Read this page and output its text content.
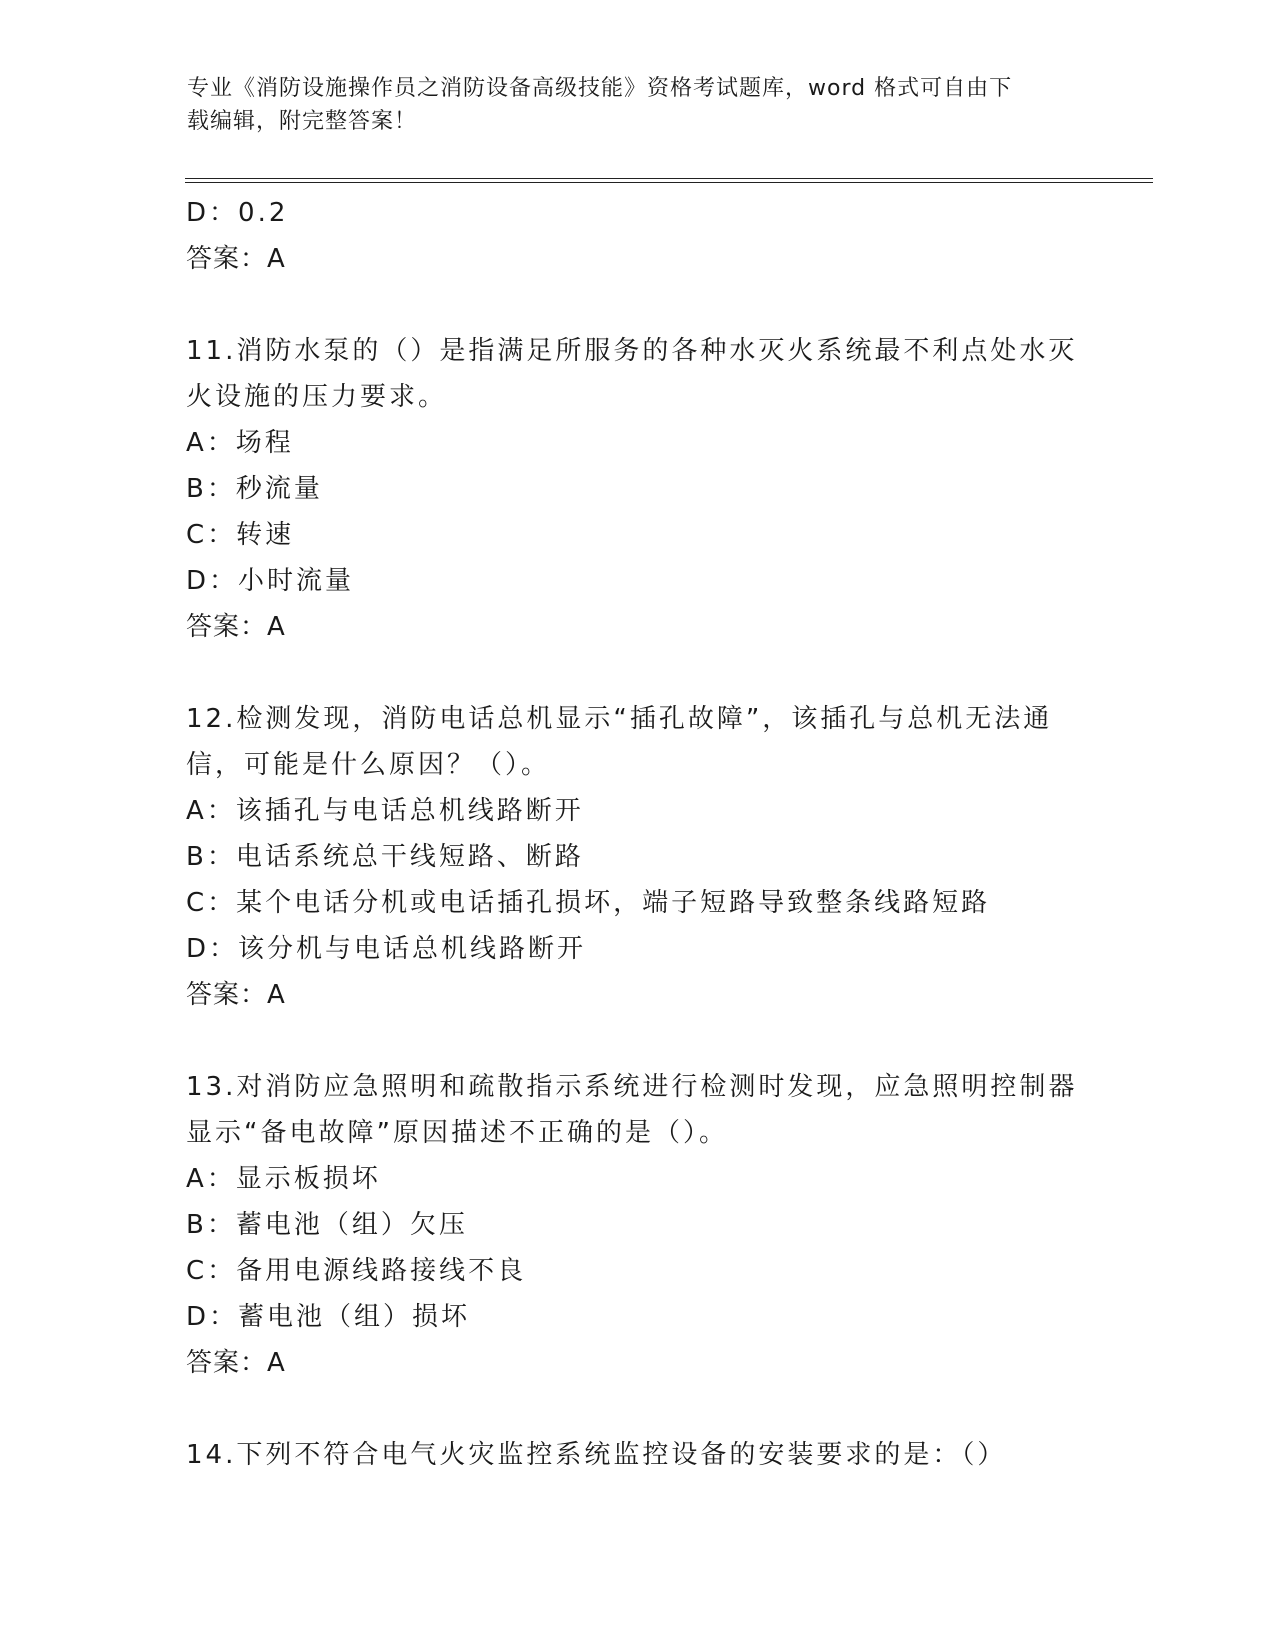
专业《消防设施操作员之消防设备高级技能》资格考试题库，word 格式可自由下
载编辑，附完整答案！
D：0.2
答案：A
11.消防水泵的（）是指满足所服务的各种水灭火系统最不利点处水灭
火设施的压力要求。
A：场程
B：秒流量
C：转速
D：小时流量
答案：A
12.检测发现，消防电话总机显示“插孔故障”，该插孔与总机无法通
信，可能是什么原因？（）。
A：该插孔与电话总机线路断开
B：电话系统总干线短路、断路
C：某个电话分机或电话插孔损坏，端子短路导致整条线路短路
D：该分机与电话总机线路断开
答案：A
13.对消防应急照明和疏散指示系统进行检测时发现，应急照明控制器
显示“备电故障”原因描述不正确的是（）。
A：显示板损坏
B：蓄电池（组）欠压
C：备用电源线路接线不良
D：蓄电池（组）损坏
答案：A
14.下列不符合电气火灾监控系统监控设备的安装要求的是：（）
